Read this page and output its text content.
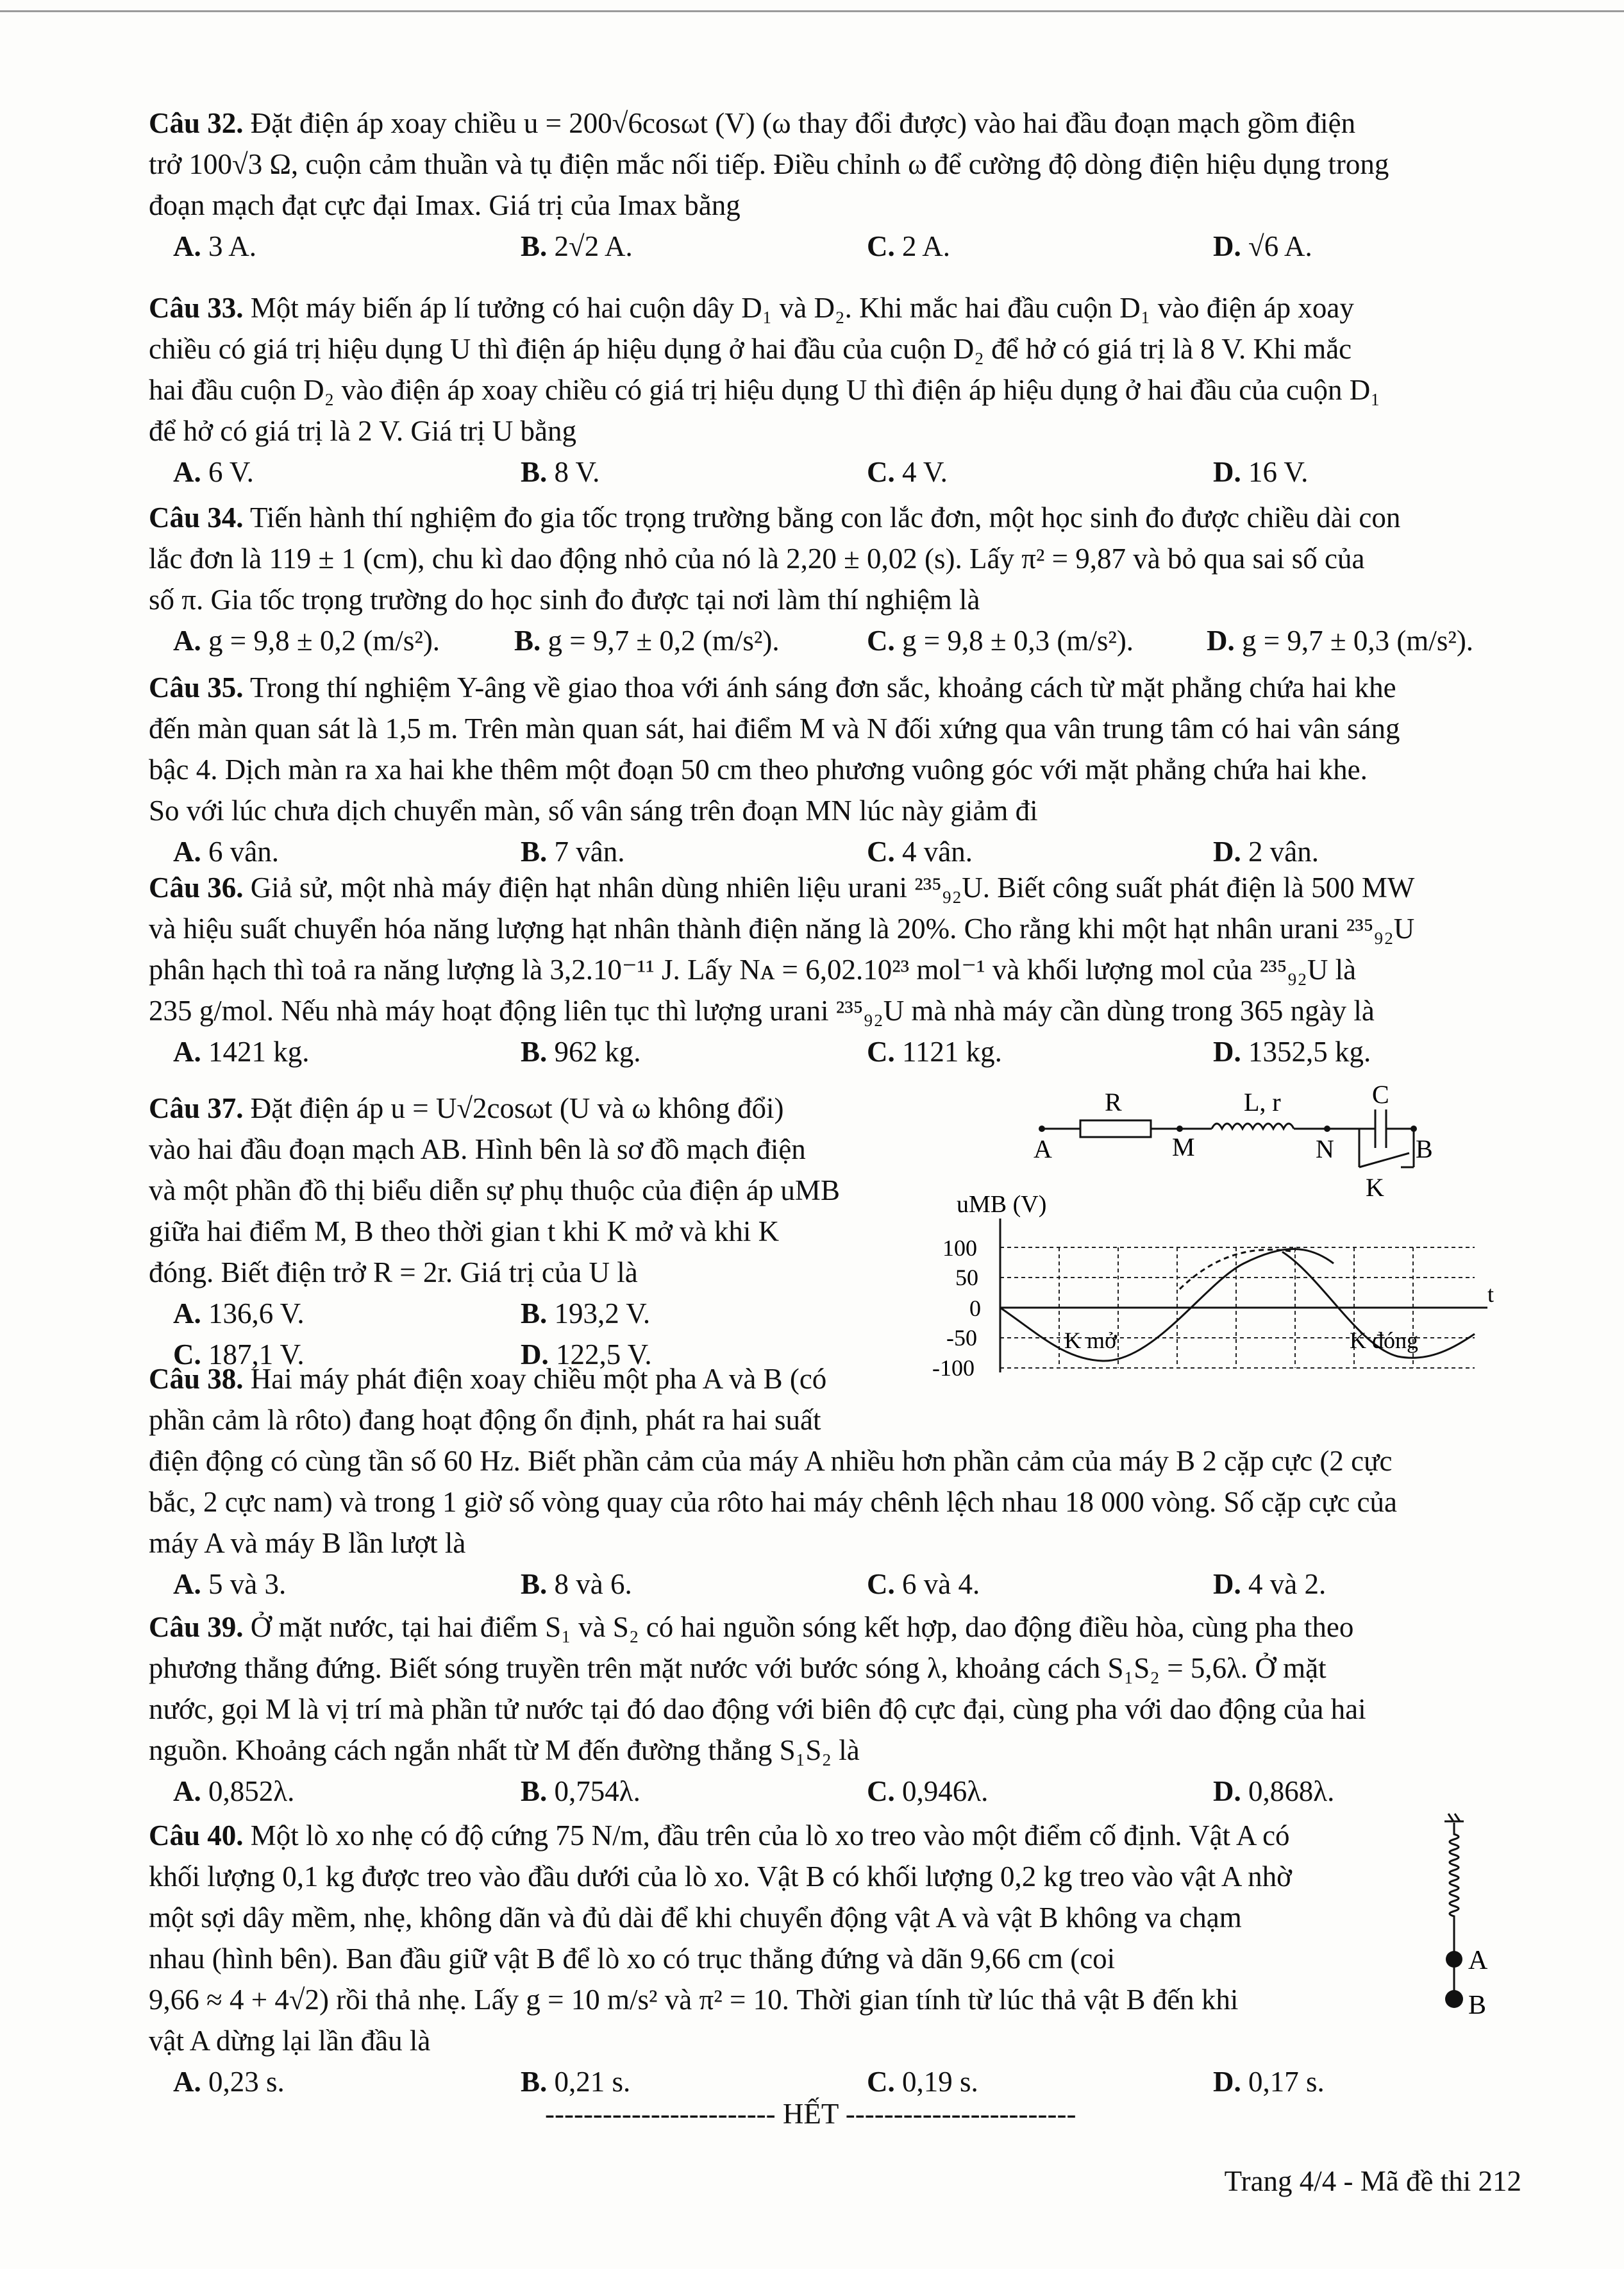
Câu 32. Đặt điện áp xoay chiều u = 200√6cosωt (V) (ω thay đổi được) vào hai đầu đoạn mạch gồm điện
trở 100√3 Ω, cuộn cảm thuần và tụ điện mắc nối tiếp. Điều chỉnh ω để cường độ dòng điện hiệu dụng trong
đoạn mạch đạt cực đại Imax. Giá trị của Imax bằng
A. 3 A.	B. 2√2 A.	C. 2 A.	D. √6 A.
Câu 33. Một máy biến áp lí tưởng có hai cuộn dây D₁ và D₂. Khi mắc hai đầu cuộn D₁ vào điện áp xoay
chiều có giá trị hiệu dụng U thì điện áp hiệu dụng ở hai đầu của cuộn D₂ để hở có giá trị là 8 V. Khi mắc
hai đầu cuộn D₂ vào điện áp xoay chiều có giá trị hiệu dụng U thì điện áp hiệu dụng ở hai đầu của cuộn D₁
để hở có giá trị là 2 V. Giá trị U bằng
A. 6 V.	B. 8 V.	C. 4 V.	D. 16 V.
Câu 34. Tiến hành thí nghiệm đo gia tốc trọng trường bằng con lắc đơn, một học sinh đo được chiều dài con
lắc đơn là 119 ± 1 (cm), chu kì dao động nhỏ của nó là 2,20 ± 0,02 (s). Lấy π² = 9,87 và bỏ qua sai số của
số π. Gia tốc trọng trường do học sinh đo được tại nơi làm thí nghiệm là
A. g = 9,8 ± 0,2 (m/s²).	B. g = 9,7 ± 0,2 (m/s²).	C. g = 9,8 ± 0,3 (m/s²).	D. g = 9,7 ± 0,3 (m/s²).
Câu 35. Trong thí nghiệm Y-âng về giao thoa với ánh sáng đơn sắc, khoảng cách từ mặt phẳng chứa hai khe
đến màn quan sát là 1,5 m. Trên màn quan sát, hai điểm M và N đối xứng qua vân trung tâm có hai vân sáng
bậc 4. Dịch màn ra xa hai khe thêm một đoạn 50 cm theo phương vuông góc với mặt phẳng chứa hai khe.
So với lúc chưa dịch chuyển màn, số vân sáng trên đoạn MN lúc này giảm đi
A. 6 vân.	B. 7 vân.	C. 4 vân.	D. 2 vân.
Câu 36. Giả sử, một nhà máy điện hạt nhân dùng nhiên liệu urani ²³⁵₉₂U. Biết công suất phát điện là 500 MW
và hiệu suất chuyển hóa năng lượng hạt nhân thành điện năng là 20%. Cho rằng khi một hạt nhân urani ²³⁵₉₂U
phân hạch thì toả ra năng lượng là 3,2.10⁻¹¹ J. Lấy Nᴀ = 6,02.10²³ mol⁻¹ và khối lượng mol của ²³⁵₉₂U là
235 g/mol. Nếu nhà máy hoạt động liên tục thì lượng urani ²³⁵₉₂U mà nhà máy cần dùng trong 365 ngày là
A. 1421 kg.	B. 962 kg.	C. 1121 kg.	D. 1352,5 kg.
Câu 37. Đặt điện áp u = U√2cosωt (U và ω không đổi)
vào hai đầu đoạn mạch AB. Hình bên là sơ đồ mạch điện
và một phần đồ thị biểu diễn sự phụ thuộc của điện áp uMB
giữa hai điểm M, B theo thời gian t khi K mở và khi K
đóng. Biết điện trở R = 2r. Giá trị của U là
A. 136,6 V.	B. 193,2 V.
C. 187,1 V.	D. 122,5 V.
R	L, r	C
A	M	N	B
K
uMB (V)
t
100
50
0
-50
-100
K mở	K đóng
Câu 38. Hai máy phát điện xoay chiều một pha A và B (có
phần cảm là rôto) đang hoạt động ổn định, phát ra hai suất
điện động có cùng tần số 60 Hz. Biết phần cảm của máy A nhiều hơn phần cảm của máy B 2 cặp cực (2 cực
bắc, 2 cực nam) và trong 1 giờ số vòng quay của rôto hai máy chênh lệch nhau 18 000 vòng. Số cặp cực của
máy A và máy B lần lượt là
A. 5 và 3.	B. 8 và 6.	C. 6 và 4.	D. 4 và 2.
Câu 39. Ở mặt nước, tại hai điểm S₁ và S₂ có hai nguồn sóng kết hợp, dao động điều hòa, cùng pha theo
phương thẳng đứng. Biết sóng truyền trên mặt nước với bước sóng λ, khoảng cách S₁S₂ = 5,6λ. Ở mặt
nước, gọi M là vị trí mà phần tử nước tại đó dao động với biên độ cực đại, cùng pha với dao động của hai
nguồn. Khoảng cách ngắn nhất từ M đến đường thẳng S₁S₂ là
A. 0,852λ.	B. 0,754λ.	C. 0,946λ.	D. 0,868λ.
Câu 40. Một lò xo nhẹ có độ cứng 75 N/m, đầu trên của lò xo treo vào một điểm cố định. Vật A có
khối lượng 0,1 kg được treo vào đầu dưới của lò xo. Vật B có khối lượng 0,2 kg treo vào vật A nhờ
một sợi dây mềm, nhẹ, không dãn và đủ dài để khi chuyển động vật A và vật B không va chạm
nhau (hình bên). Ban đầu giữ vật B để lò xo có trục thẳng đứng và dãn 9,66 cm (coi
9,66 ≈ 4 + 4√2) rồi thả nhẹ. Lấy g = 10 m/s² và π² = 10. Thời gian tính từ lúc thả vật B đến khi
vật A dừng lại lần đầu là
A. 0,23 s.	B. 0,21 s.	C. 0,19 s.	D. 0,17 s.
A
B
------------------------ HẾT ------------------------
Trang 4/4 - Mã đề thi 212
